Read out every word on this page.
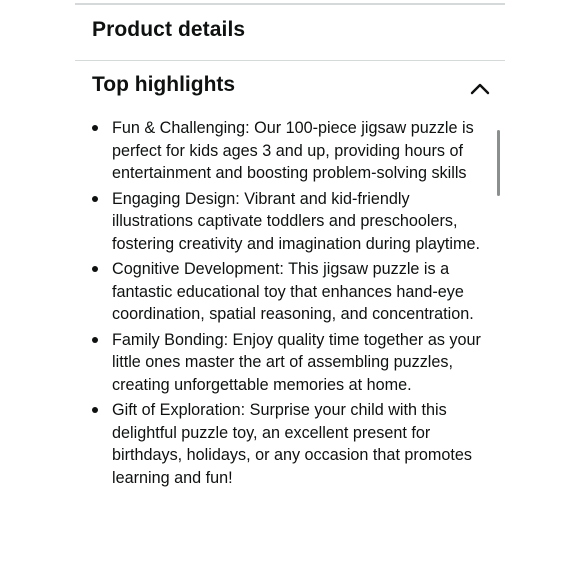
Product details
Top highlights
Fun & Challenging: Our 100-piece jigsaw puzzle is perfect for kids ages 3 and up, providing hours of entertainment and boosting problem-solving skills
Engaging Design: Vibrant and kid-friendly illustrations captivate toddlers and preschoolers, fostering creativity and imagination during playtime.
Cognitive Development: This jigsaw puzzle is a fantastic educational toy that enhances hand-eye coordination, spatial reasoning, and concentration.
Family Bonding: Enjoy quality time together as your little ones master the art of assembling puzzles, creating unforgettable memories at home.
Gift of Exploration: Surprise your child with this delightful puzzle toy, an excellent present for birthdays, holidays, or any occasion that promotes learning and fun!
